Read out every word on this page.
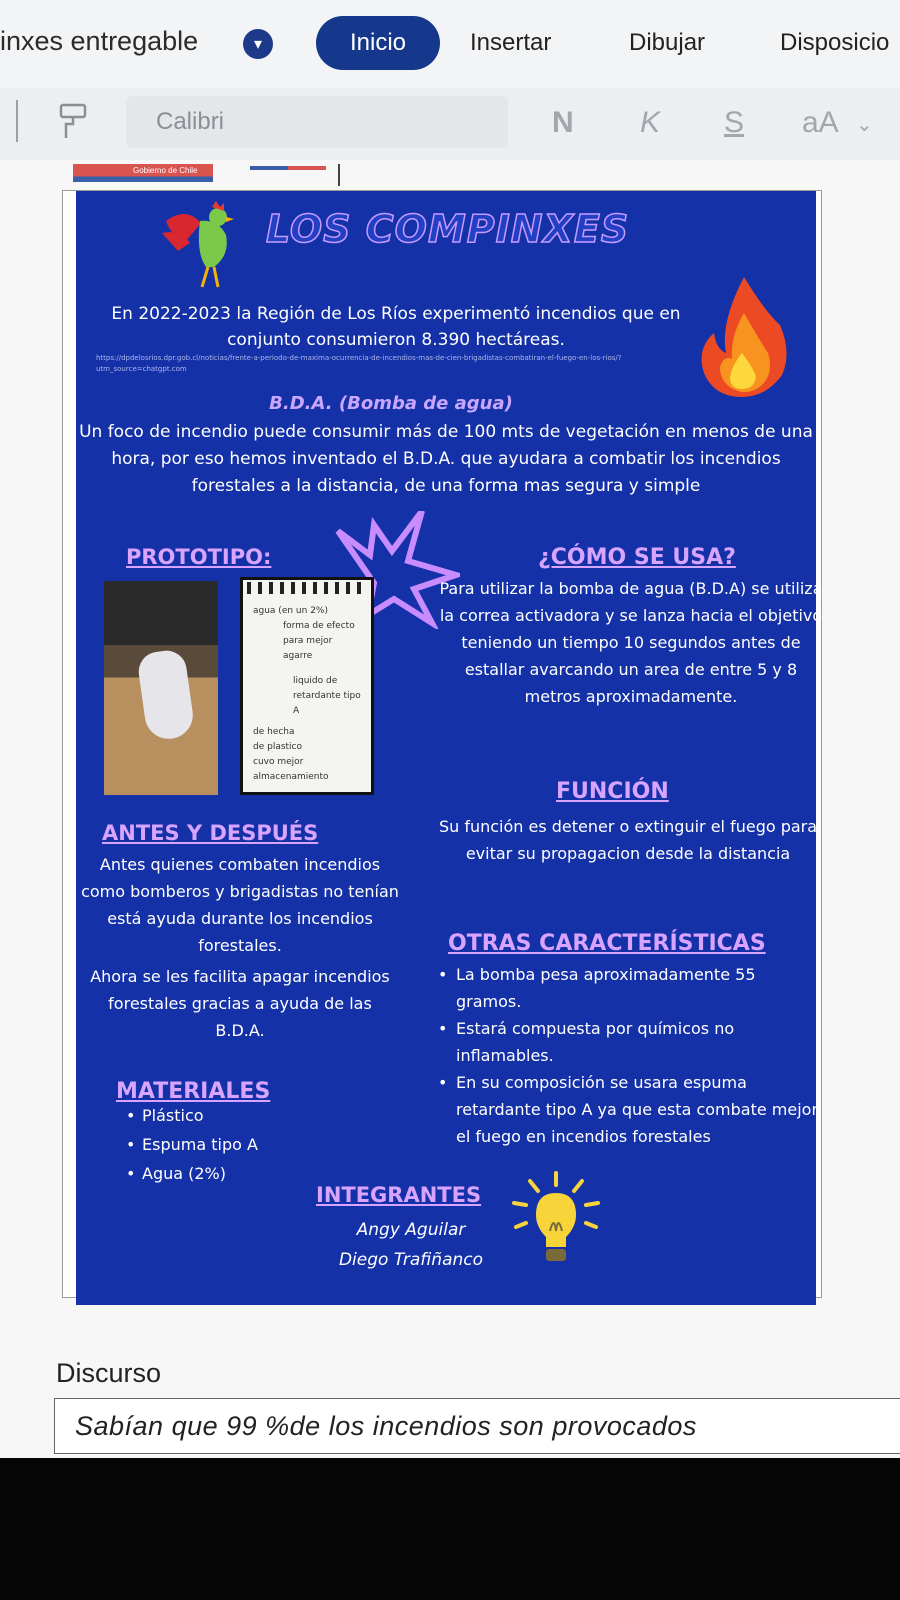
inxes entregable	▾	Inicio	Insertar	Dibujar	Disposicio
Calibri	N K S aA ⌄
Gobierno de Chile
LOS COMPINXES
En 2022-2023 la Región de Los Ríos experimentó incendios que en conjunto consumieron 8.390 hectáreas.
https://dpdelosrios.dpr.gob.cl/noticias/frente-a-periodo-de-maxima-ocurrencia-de-incendios-mas-de-cien-brigadistas-combatiran-el-fuego-en-los-rios/?utm_source=chatgpt.com
B.D.A. (Bomba de agua)
Un foco de incendio puede consumir más de 100 mts de vegetación en menos de una hora, por eso hemos inventado el B.D.A. que ayudara a combatir los incendios forestales a la distancia, de una forma mas segura y simple
PROTOTIPO:
agua (en un 2%)
forma de efecto
para mejor agarre
liquido de
retardante tipo A
de hecha
de plastico
cuvo mejor
almacenamiento
¿CÓMO SE USA?
Para utilizar la bomba de agua (B.D.A) se utiliza la correa activadora y se lanza hacia el objetivo teniendo un tiempo 10 segundos antes de estallar avarcando un area de entre 5 y 8 metros aproximadamente.
FUNCIÓN
Su función es detener o extinguir el fuego para evitar su propagacion desde la distancia
ANTES Y DESPUÉS
Antes quienes combaten incendios como bomberos y brigadistas no tenían está ayuda durante los incendios forestales.
Ahora se les facilita apagar incendios forestales gracias a ayuda de las B.D.A.
OTRAS CARACTERÍSTICAS
• La bomba pesa aproximadamente 55 gramos.
• Estará compuesta por químicos no inflamables.
• En su composición se usara espuma retardante tipo A ya que esta combate mejor el fuego en incendios forestales
MATERIALES
• Plástico
• Espuma tipo A
• Agua (2%)
INTEGRANTES
Angy Aguilar
Diego Trafiñanco
Discurso
Sabían que 99 %de los incendios son provocados
